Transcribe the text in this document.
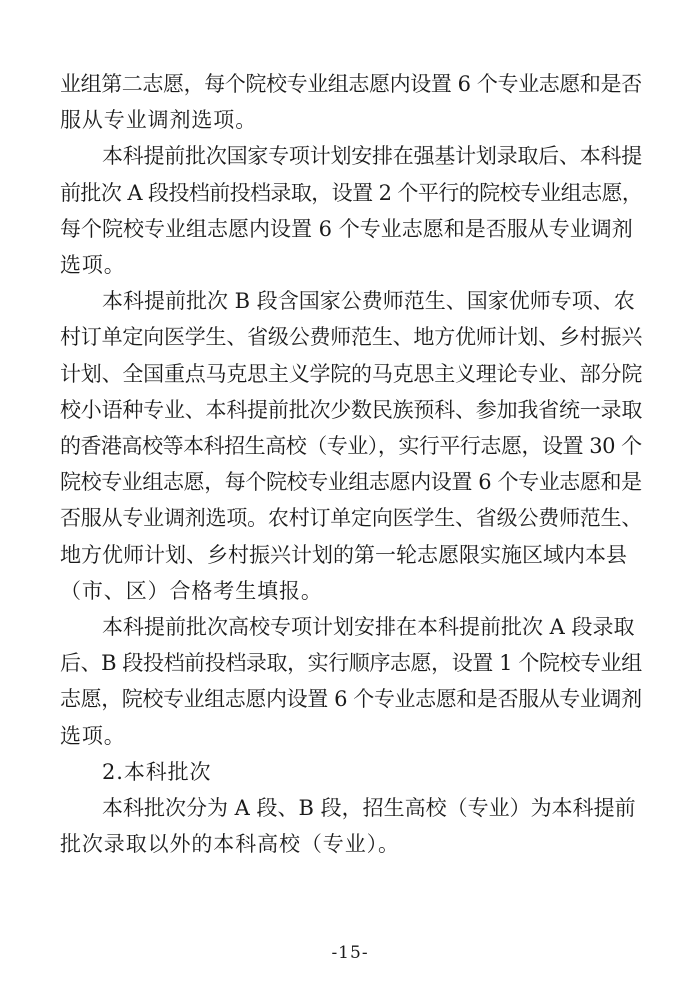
业组第二志愿，每个院校专业组志愿内设置 6 个专业志愿和是否
服从专业调剂选项。
本科提前批次国家专项计划安排在强基计划录取后、本科提
前批次 A 段投档前投档录取，设置 2 个平行的院校专业组志愿，
每个院校专业组志愿内设置 6 个专业志愿和是否服从专业调剂
选项。
本科提前批次 B 段含国家公费师范生、国家优师专项、农
村订单定向医学生、省级公费师范生、地方优师计划、乡村振兴
计划、全国重点马克思主义学院的马克思主义理论专业、部分院
校小语种专业、本科提前批次少数民族预科、参加我省统一录取
的香港高校等本科招生高校（专业），实行平行志愿，设置 30 个
院校专业组志愿，每个院校专业组志愿内设置 6 个专业志愿和是
否服从专业调剂选项。农村订单定向医学生、省级公费师范生、
地方优师计划、乡村振兴计划的第一轮志愿限实施区域内本县
（市、区）合格考生填报。
本科提前批次高校专项计划安排在本科提前批次 A 段录取
后、B 段投档前投档录取，实行顺序志愿，设置 1 个院校专业组
志愿，院校专业组志愿内设置 6 个专业志愿和是否服从专业调剂
选项。
2.本科批次
本科批次分为 A 段、B 段，招生高校（专业）为本科提前
批次录取以外的本科高校（专业）。
-15-
